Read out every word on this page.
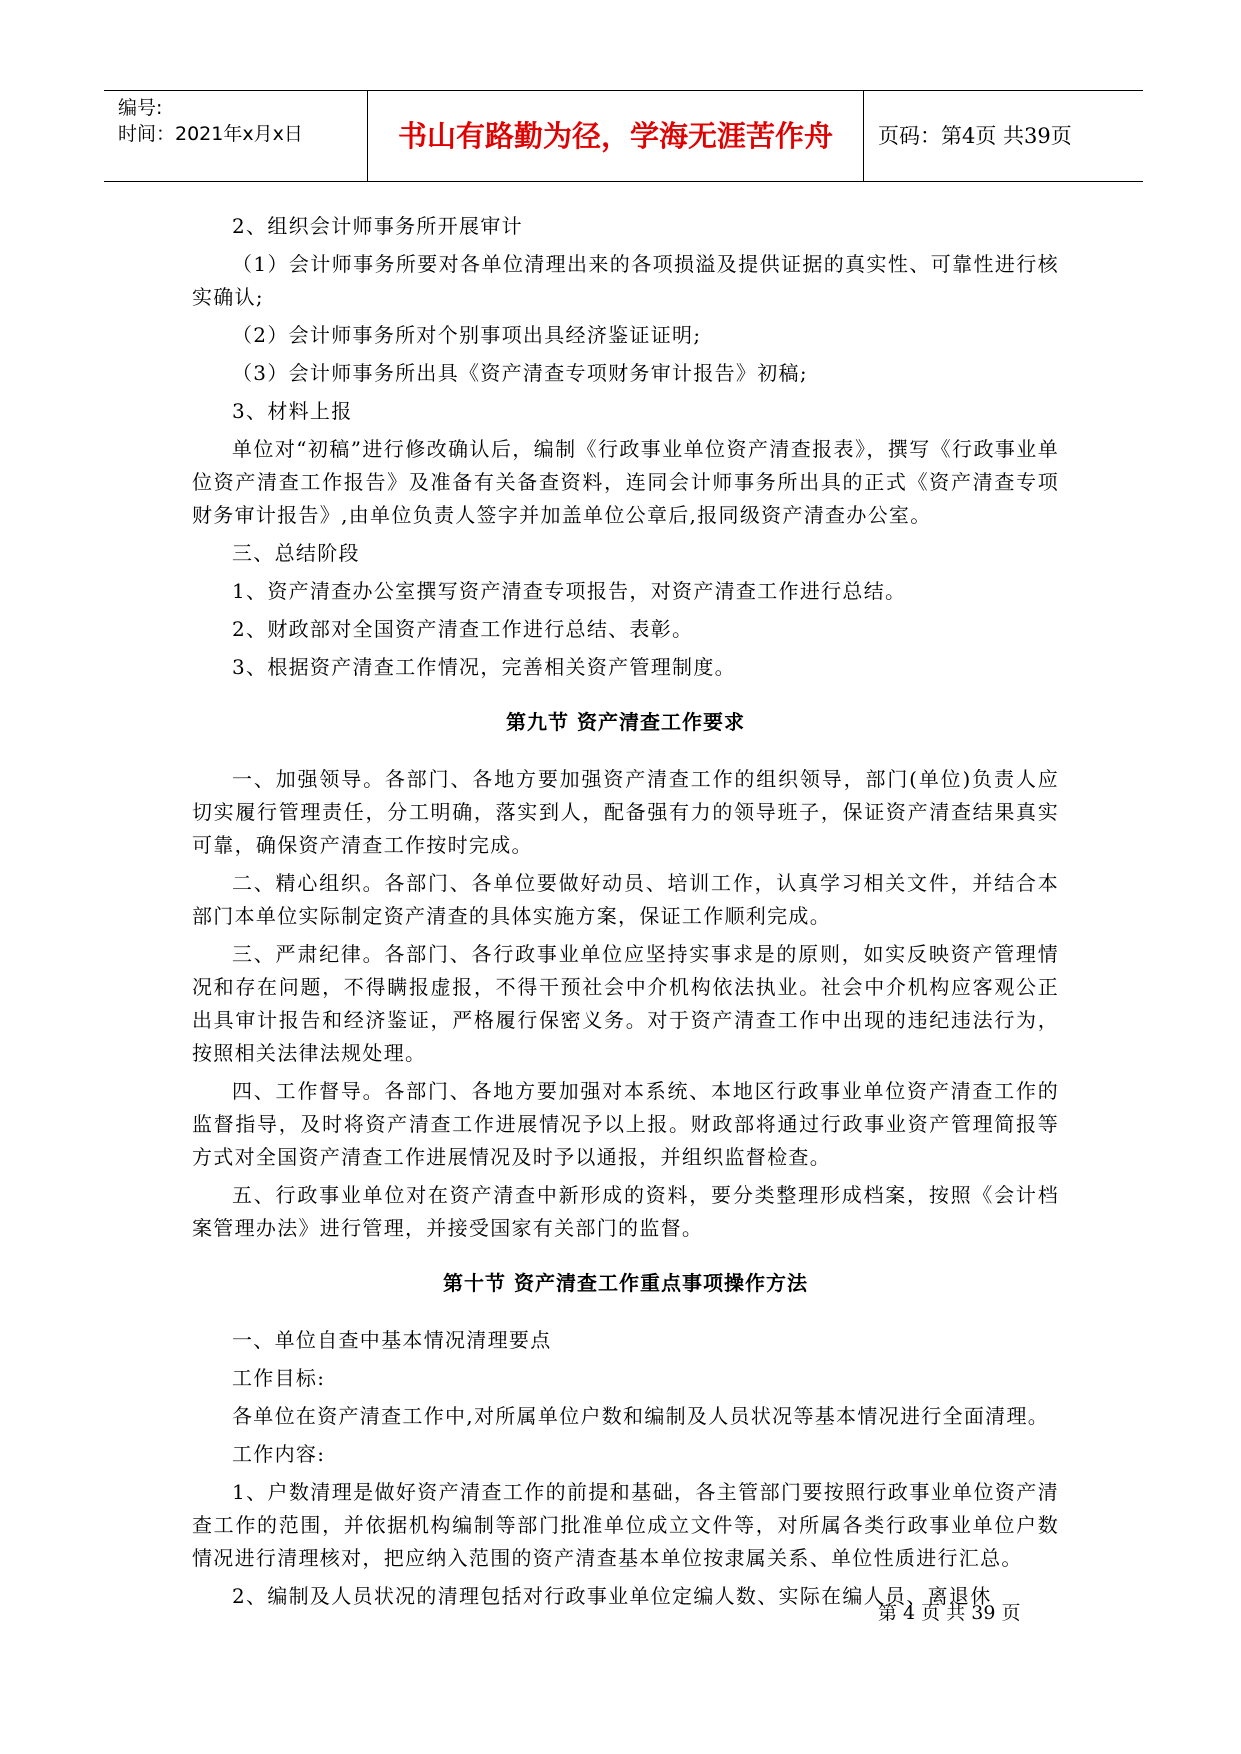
编号:
时间：2021年x月x日	书山有路勤为径，学海无涯苦作舟	页码：第4页 共39页

2、组织会计师事务所开展审计

（1）会计师事务所要对各单位清理出来的各项损溢及提供证据的真实性、可靠性进行核实确认;

（2）会计师事务所对个别事项出具经济鉴证证明;

（3）会计师事务所出具《资产清查专项财务审计报告》初稿;

3、材料上报

单位对“初稿”进行修改确认后，编制《行政事业单位资产清查报表》，撰写《行政事业单位资产清查工作报告》及准备有关备查资料，连同会计师事务所出具的正式《资产清查专项财务审计报告》,由单位负责人签字并加盖单位公章后,报同级资产清查办公室。

三、总结阶段

1、资产清查办公室撰写资产清查专项报告，对资产清查工作进行总结。

2、财政部对全国资产清查工作进行总结、表彰。

3、根据资产清查工作情况，完善相关资产管理制度。

第九节 资产清查工作要求

一、加强领导。各部门、各地方要加强资产清查工作的组织领导，部门(单位)负责人应切实履行管理责任，分工明确，落实到人，配备强有力的领导班子，保证资产清查结果真实可靠，确保资产清查工作按时完成。

二、精心组织。各部门、各单位要做好动员、培训工作，认真学习相关文件，并结合本部门本单位实际制定资产清查的具体实施方案，保证工作顺利完成。

三、严肃纪律。各部门、各行政事业单位应坚持实事求是的原则，如实反映资产管理情况和存在问题，不得瞒报虚报，不得干预社会中介机构依法执业。社会中介机构应客观公正出具审计报告和经济鉴证，严格履行保密义务。对于资产清查工作中出现的违纪违法行为，按照相关法律法规处理。

四、工作督导。各部门、各地方要加强对本系统、本地区行政事业单位资产清查工作的监督指导，及时将资产清查工作进展情况予以上报。财政部将通过行政事业资产管理简报等方式对全国资产清查工作进展情况及时予以通报，并组织监督检查。

五、行政事业单位对在资产清查中新形成的资料，要分类整理形成档案，按照《会计档案管理办法》进行管理，并接受国家有关部门的监督。

第十节 资产清查工作重点事项操作方法

一、单位自查中基本情况清理要点

工作目标:

各单位在资产清查工作中,对所属单位户数和编制及人员状况等基本情况进行全面清理。

工作内容:

1、户数清理是做好资产清查工作的前提和基础，各主管部门要按照行政事业单位资产清查工作的范围，并依据机构编制等部门批准单位成立文件等，对所属各类行政事业单位户数情况进行清理核对，把应纳入范围的资产清查基本单位按隶属关系、单位性质进行汇总。

2、编制及人员状况的清理包括对行政事业单位定编人数、实际在编人员、离退休

第 4 页 共 39 页
